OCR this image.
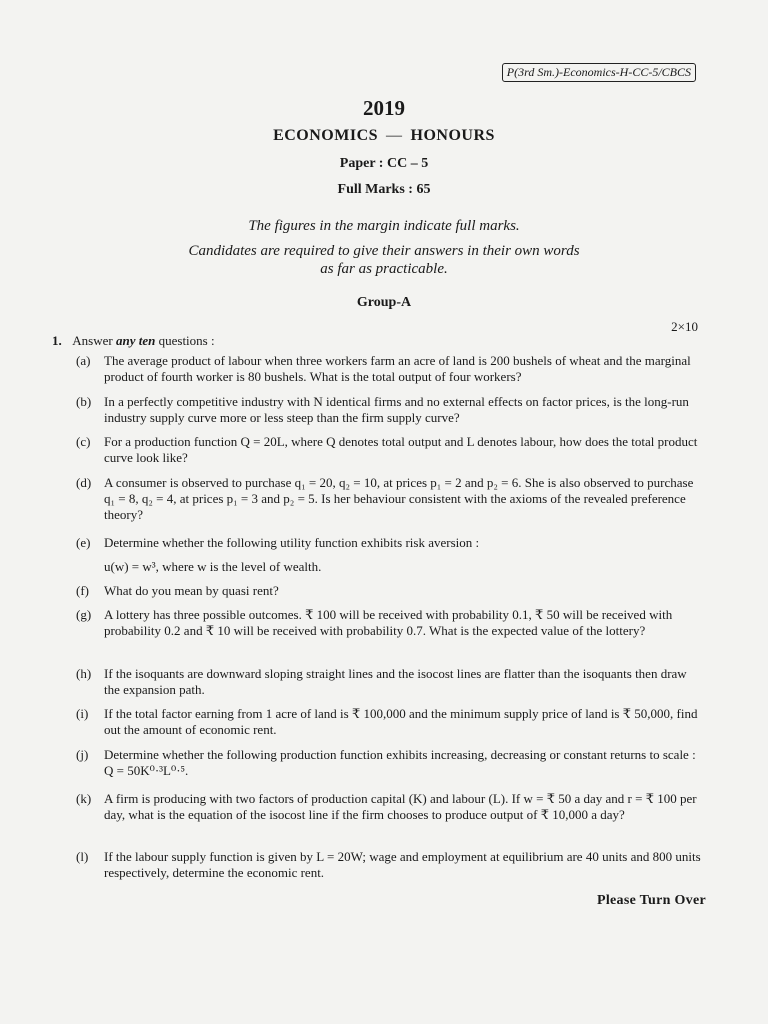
P(3rd Sm.)-Economics-H-CC-5/CBCS
2019
ECONOMICS — HONOURS
Paper : CC – 5
Full Marks : 65
The figures in the margin indicate full marks.
Candidates are required to give their answers in their own words
as far as practicable.
Group-A
2×10
1. Answer any ten questions :
(a)	The average product of labour when three workers farm an acre of land is 200 bushels of wheat and the marginal product of fourth worker is 80 bushels. What is the total output of four workers?
(b) In a perfectly competitive industry with N identical firms and no external effects on factor prices, is the long-run industry supply curve more or less steep than the firm supply curve?
(c)	For a production function Q = 20L, where Q denotes total output and L denotes labour, how does the total product curve look like?
(d) A consumer is observed to purchase q₁ = 20, q₂ = 10, at prices p₁ = 2 and p₂ = 6. She is also observed to purchase q₁ = 8, q₂ = 4, at prices p₁ = 3 and p₂ = 5. Is her behaviour consistent with the axioms of the revealed preference theory?
(e)	Determine whether the following utility function exhibits risk aversion :
u(w) = w³, where w is the level of wealth.
(f)	What do you mean by quasi rent?
(g) A lottery has three possible outcomes. ₹ 100 will be received with probability 0.1, ₹ 50 will be received with probability 0.2 and ₹ 10 will be received with probability 0.7. What is the expected value of the lottery?
(h) If the isoquants are downward sloping straight lines and the isocost lines are flatter than the isoquants then draw the expansion path.
(i)	If the total factor earning from 1 acre of land is ₹ 100,000 and the minimum supply price of land is ₹ 50,000, find out the amount of economic rent.
(j)	Determine whether the following production function exhibits increasing, decreasing or constant returns to scale : Q = 50K⁰·³L⁰·⁵.
(k) A firm is producing with two factors of production capital (K) and labour (L). If w = ₹ 50 a day and r = ₹ 100 per day, what is the equation of the isocost line if the firm chooses to produce output of ₹ 10,000 a day?
(l)	If the labour supply function is given by L = 20W; wage and employment at equilibrium are 40 units and 800 units respectively, determine the economic rent.
Please Turn Over
